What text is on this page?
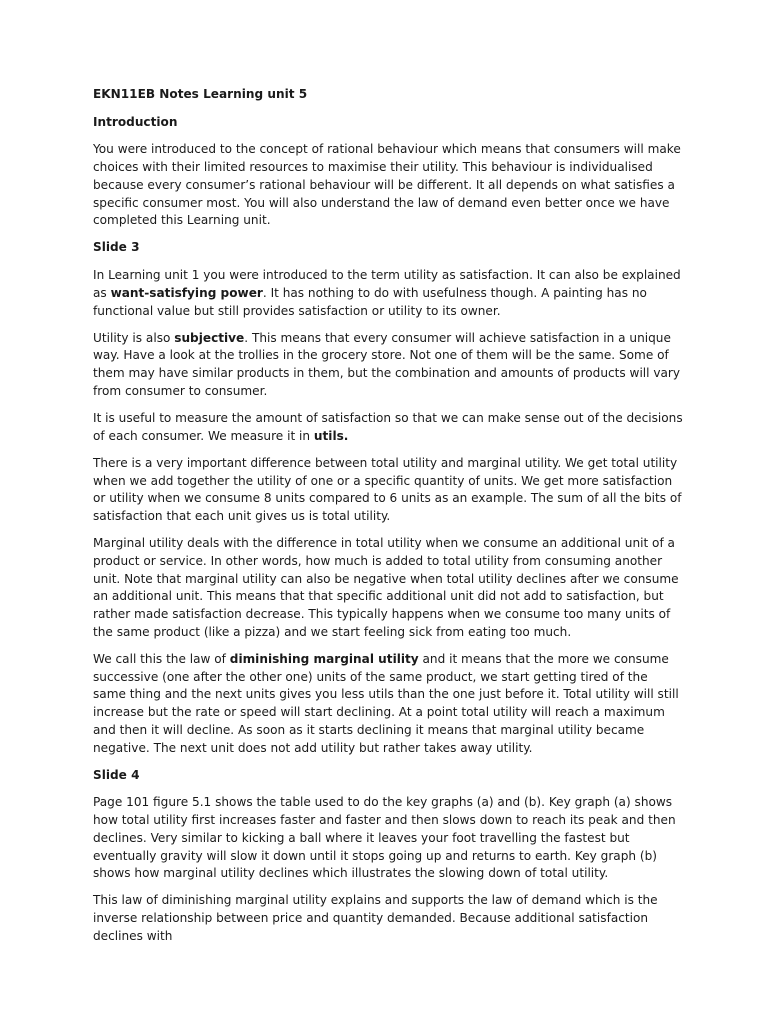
EKN11EB Notes Learning unit 5
Introduction

You were introduced to the concept of rational behaviour which means that consumers will make choices with their limited resources to maximise their utility. This behaviour is individualised because every consumer’s rational behaviour will be different. It all depends on what satisfies a specific consumer most. You will also understand the law of demand even better once we have completed this Learning unit.

Slide 3

In Learning unit 1 you were introduced to the term utility as satisfaction. It can also be explained as want-satisfying power. It has nothing to do with usefulness though. A painting has no functional value but still provides satisfaction or utility to its owner.

Utility is also subjective. This means that every consumer will achieve satisfaction in a unique way. Have a look at the trollies in the grocery store. Not one of them will be the same. Some of them may have similar products in them, but the combination and amounts of products will vary from consumer to consumer.

It is useful to measure the amount of satisfaction so that we can make sense out of the decisions of each consumer. We measure it in utils.

There is a very important difference between total utility and marginal utility. We get total utility when we add together the utility of one or a specific quantity of units. We get more satisfaction or utility when we consume 8 units compared to 6 units as an example. The sum of all the bits of satisfaction that each unit gives us is total utility.

Marginal utility deals with the difference in total utility when we consume an additional unit of a product or service. In other words, how much is added to total utility from consuming another unit. Note that marginal utility can also be negative when total utility declines after we consume an additional unit. This means that that specific additional unit did not add to satisfaction, but rather made satisfaction decrease. This typically happens when we consume too many units of the same product (like a pizza) and we start feeling sick from eating too much.

We call this the law of diminishing marginal utility and it means that the more we consume successive (one after the other one) units of the same product, we start getting tired of the same thing and the next units gives you less utils than the one just before it. Total utility will still increase but the rate or speed will start declining. At a point total utility will reach a maximum and then it will decline. As soon as it starts declining it means that marginal utility became negative. The next unit does not add utility but rather takes away utility.

Slide 4

Page 101 figure 5.1 shows the table used to do the key graphs (a) and (b). Key graph (a) shows how total utility first increases faster and faster and then slows down to reach its peak and then declines. Very similar to kicking a ball where it leaves your foot travelling the fastest but eventually gravity will slow it down until it stops going up and returns to earth. Key graph (b) shows how marginal utility declines which illustrates the slowing down of total utility.

This law of diminishing marginal utility explains and supports the law of demand which is the inverse relationship between price and quantity demanded. Because additional satisfaction declines with
